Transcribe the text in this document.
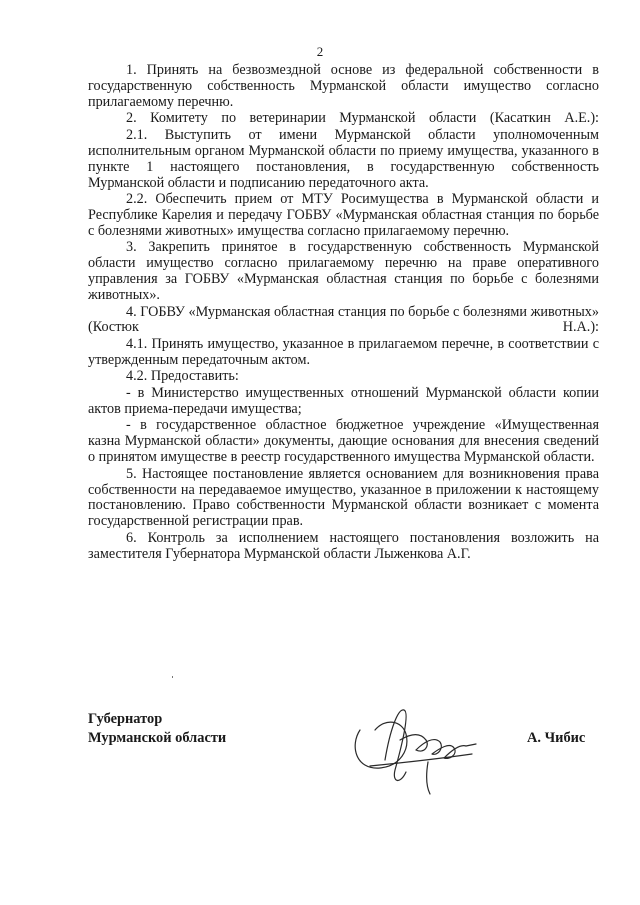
2

1. Принять на безвозмездной основе из федеральной собственности в государственную собственность Мурманской области имущество согласно прилагаемому перечню.

2. Комитету по ветеринарии Мурманской области (Касаткин А.Е.):

2.1. Выступить от имени Мурманской области уполномоченным исполнительным органом Мурманской области по приему имущества, указанного в пункте 1 настоящего постановления, в государственную собственность Мурманской области и подписанию передаточного акта.

2.2. Обеспечить прием от МТУ Росимущества в Мурманской области и Республике Карелия и передачу ГОБВУ «Мурманская областная станция по борьбе с болезнями животных» имущества согласно прилагаемому перечню.

3. Закрепить принятое в государственную собственность Мурманской области имущество согласно прилагаемому перечню на праве оперативного управления за ГОБВУ «Мурманская областная станция по борьбе с болезнями животных».

4. ГОБВУ «Мурманская областная станция по борьбе с болезнями животных» (Костюк Н.А.):

4.1. Принять имущество, указанное в прилагаемом перечне, в соответствии с утвержденным передаточным актом.

4.2. Предоставить:

- в Министерство имущественных отношений Мурманской области копии актов приема-передачи имущества;

- в государственное областное бюджетное учреждение «Имущественная казна Мурманской области» документы, дающие основания для внесения сведений о принятом имуществе в реестр государственного имущества Мурманской области.

5. Настоящее постановление является основанием для возникновения права собственности на передаваемое имущество, указанное в приложении к настоящему постановлению. Право собственности Мурманской области возникает с момента государственной регистрации прав.

6. Контроль за исполнением настоящего постановления возложить на заместителя Губернатора Мурманской области Лыженкова А.Г.

Губернатор
Мурманской области	А. Чибис
